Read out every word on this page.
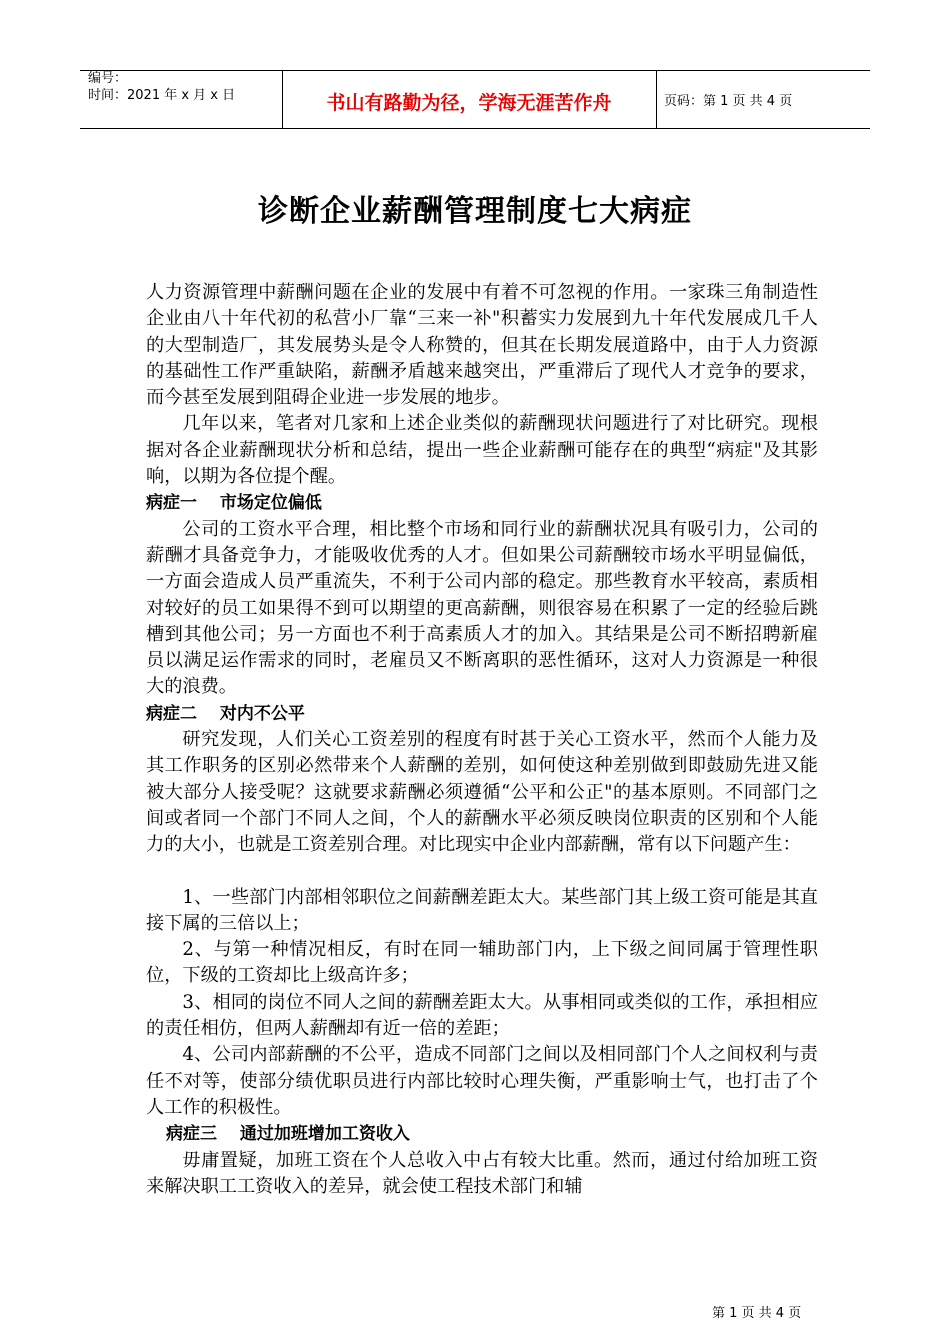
编号：
时间：2021 年 x 月 x 日	书山有路勤为径，学海无涯苦作舟	页码：第 1 页 共 4 页
诊断企业薪酬管理制度七大病症

人力资源管理中薪酬问题在企业的发展中有着不可忽视的作用。一家珠三角制造性企业由八十年代初的私营小厂靠“三来一补"积蓄实力发展到九十年代发展成几千人的大型制造厂，其发展势头是令人称赞的，但其在长期发展道路中，由于人力资源的基础性工作严重缺陷，薪酬矛盾越来越突出，严重滞后了现代人才竞争的要求，而今甚至发展到阻碍企业进一步发展的地步。

几年以来，笔者对几家和上述企业类似的薪酬现状问题进行了对比研究。现根据对各企业薪酬现状分析和总结，提出一些企业薪酬可能存在的典型“病症"及其影响，以期为各位提个醒。

病症一　 市场定位偏低

公司的工资水平合理，相比整个市场和同行业的薪酬状况具有吸引力，公司的薪酬才具备竞争力，才能吸收优秀的人才。但如果公司薪酬较市场水平明显偏低，一方面会造成人员严重流失，不利于公司内部的稳定。那些教育水平较高，素质相对较好的员工如果得不到可以期望的更高薪酬，则很容易在积累了一定的经验后跳槽到其他公司；另一方面也不利于高素质人才的加入。其结果是公司不断招聘新雇员以满足运作需求的同时，老雇员又不断离职的恶性循环，这对人力资源是一种很大的浪费。

病症二　 对内不公平

研究发现，人们关心工资差别的程度有时甚于关心工资水平，然而个人能力及其工作职务的区别必然带来个人薪酬的差别，如何使这种差别做到即鼓励先进又能被大部分人接受呢？这就要求薪酬必须遵循“公平和公正"的基本原则。不同部门之间或者同一个部门不同人之间，个人的薪酬水平必须反映岗位职责的区别和个人能力的大小，也就是工资差别合理。对比现实中企业内部薪酬，常有以下问题产生：

1、一些部门内部相邻职位之间薪酬差距太大。某些部门其上级工资可能是其直接下属的三倍以上；

2、与第一种情况相反，有时在同一辅助部门内，上下级之间同属于管理性职位，下级的工资却比上级高许多；

3、相同的岗位不同人之间的薪酬差距太大。从事相同或类似的工作，承担相应的责任相仿，但两人薪酬却有近一倍的差距；

4、公司内部薪酬的不公平，造成不同部门之间以及相同部门个人之间权利与责任不对等，使部分绩优职员进行内部比较时心理失衡，严重影响士气，也打击了个人工作的积极性。

病症三　 通过加班增加工资收入

毋庸置疑，加班工资在个人总收入中占有较大比重。然而，通过付给加班工资来解决职工工资收入的差异，就会使工程技术部门和辅

第 1 页 共 4 页
